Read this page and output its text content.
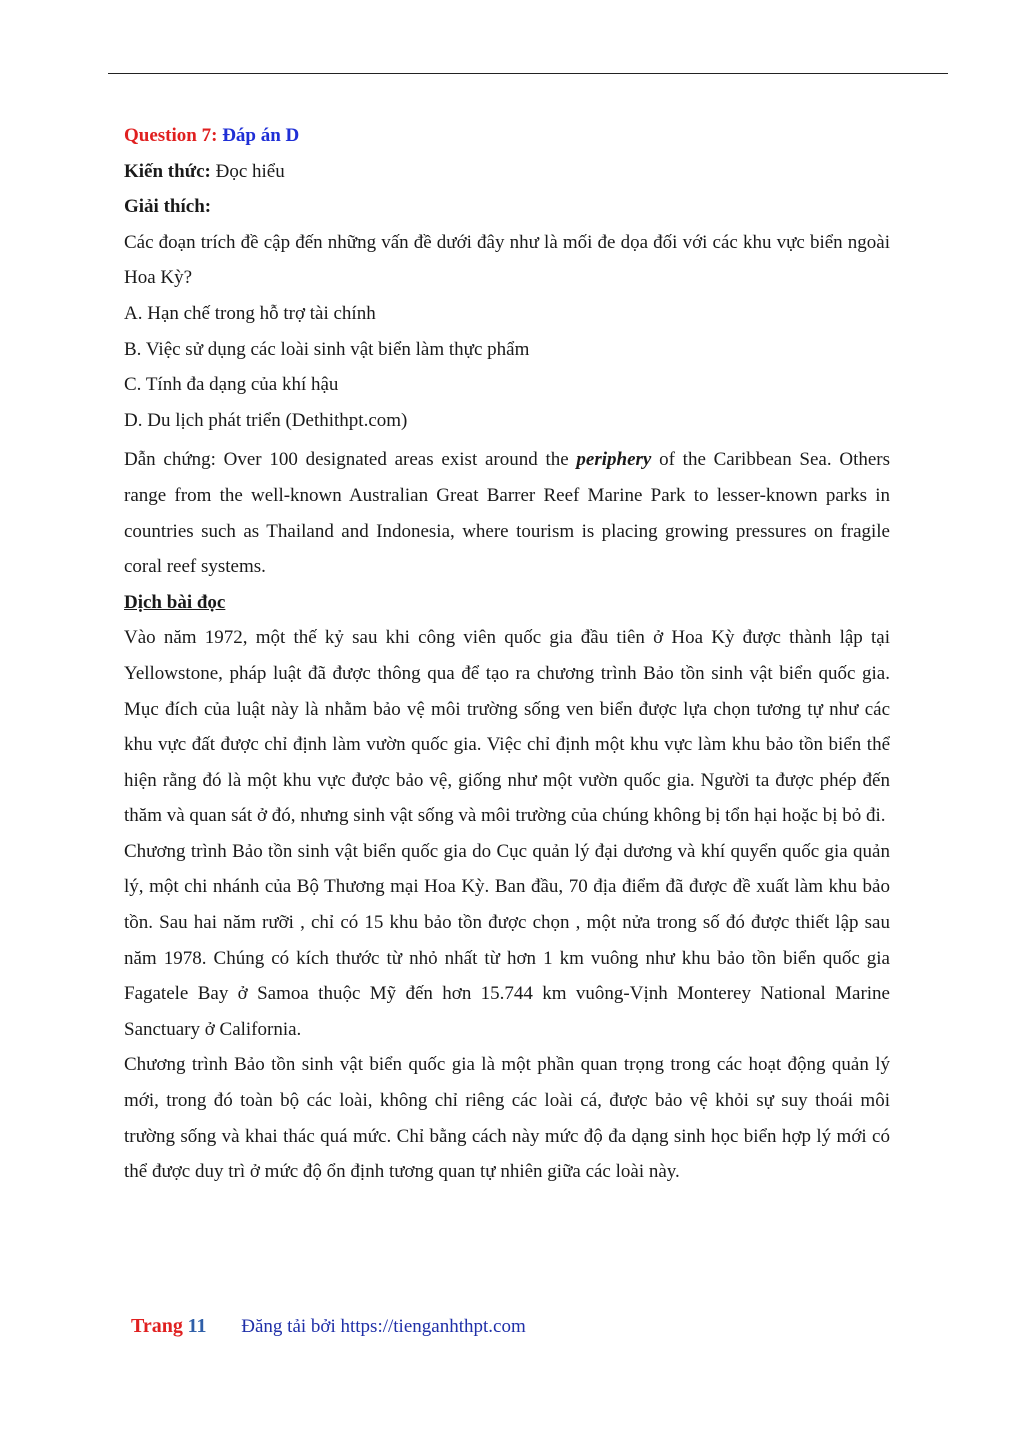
Question 7: Đáp án D

Kiến thức: Đọc hiểu

Giải thích:

Các đoạn trích đề cập đến những vấn đề dưới đây như là mối đe dọa đối với các khu vực biển ngoài Hoa Kỳ?

A. Hạn chế trong hỗ trợ tài chính

B. Việc sử dụng các loài sinh vật biển làm thực phẩm

C. Tính đa dạng của khí hậu

D. Du lịch phát triển (Dethithpt.com)

Dẫn chứng: Over 100 designated areas exist around the periphery of the Caribbean Sea. Others range from the well-known Australian Great Barrer Reef Marine Park to lesser-known parks in countries such as Thailand and Indonesia, where tourism is placing growing pressures on fragile coral reef systems.

Dịch bài đọc

Vào năm 1972, một thế kỷ sau khi công viên quốc gia đầu tiên ở Hoa Kỳ được thành lập tại Yellowstone, pháp luật đã được thông qua để tạo ra chương trình Bảo tồn sinh vật biển quốc gia. Mục đích của luật này là nhằm bảo vệ môi trường sống ven biển được lựa chọn tương tự như các khu vực đất được chỉ định làm vườn quốc gia. Việc chỉ định một khu vực làm khu bảo tồn biển thể hiện rằng đó là một khu vực được bảo vệ, giống như một vườn quốc gia. Người ta được phép đến thăm và quan sát ở đó, nhưng sinh vật sống và môi trường của chúng không bị tổn hại hoặc bị bỏ đi.

Chương trình Bảo tồn sinh vật biển quốc gia do Cục quản lý đại dương và khí quyển quốc gia quản lý, một chi nhánh của Bộ Thương mại Hoa Kỳ. Ban đầu, 70 địa điểm đã được đề xuất làm khu bảo tồn. Sau hai năm rưỡi , chỉ có 15 khu bảo tồn được chọn , một nửa trong số đó được thiết lập sau năm 1978. Chúng có kích thước từ nhỏ nhất từ hơn 1 km vuông như khu bảo tồn biển quốc gia Fagatele Bay ở Samoa thuộc Mỹ đến hơn 15.744 km vuông-Vịnh Monterey National Marine Sanctuary ở California.

Chương trình Bảo tồn sinh vật biển quốc gia là một phần quan trọng trong các hoạt động quản lý mới, trong đó toàn bộ các loài, không chỉ riêng các loài cá, được bảo vệ khỏi sự suy thoái môi trường sống và khai thác quá mức. Chỉ bằng cách này mức độ đa dạng sinh học biển hợp lý mới có thể được duy trì ở mức độ ổn định tương quan tự nhiên giữa các loài này.

Trang 11 Đăng tải bởi https://tienganhthpt.com
